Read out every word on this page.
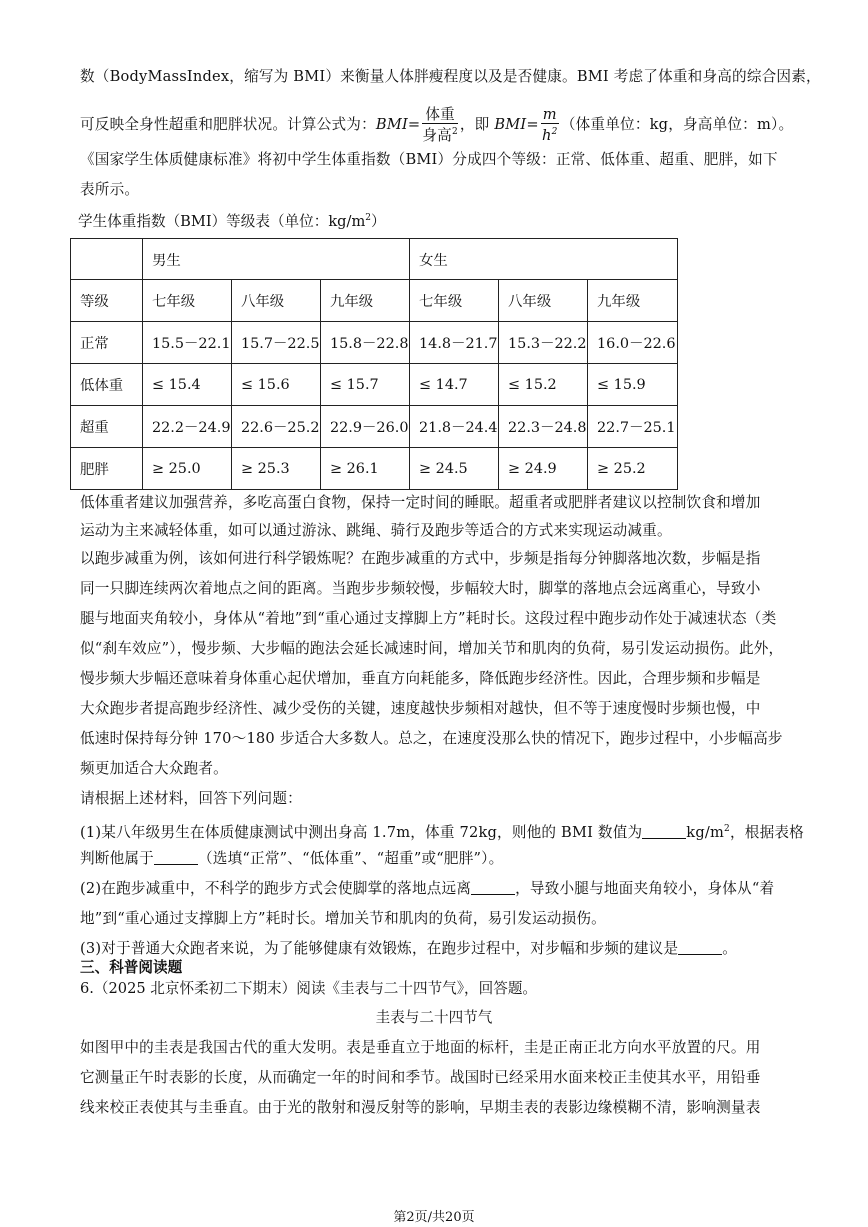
数（BodyMassIndex，缩写为 BMI）来衡量人体胖瘦程度以及是否健康。BMI 考虑了体重和身高的综合因素，
可反映全身性超重和肥胖状况。计算公式为：$BMI= \frac{\text{体重}}{身高^2}$ ，即 $BMI= \frac{m}{h^2}$ （体重单位：kg，身高单位：m）。
《国家学生体质健康标准》将初中学生体重指数（BMI）分成四个等级：正常、低体重、超重、肥胖，如下
表所示。
学生体重指数（BMI）等级表（单位：$kg/m^2$）
	男生			女生		
等级	七年级	八年级	九年级	七年级	八年级	九年级
正常	15.5－22.1	15.7－22.5	15.8－22.8	14.8－21.7	15.3－22.2	16.0－22.6
低体重	≤ 15.4	≤ 15.6	≤ 15.7	≤ 14.7	≤ 15.2	≤ 15.9
超重	22.2－24.9	22.6－25.2	22.9－26.0	21.8－24.4	22.3－24.8	22.7－25.1
肥胖	≥ 25.0	≥ 25.3	≥ 26.1	≥ 24.5	≥ 24.9	≥ 25.2
低体重者建议加强营养，多吃高蛋白食物，保持一定时间的睡眠。超重者或肥胖者建议以控制饮食和增加
运动为主来减轻体重，如可以通过游泳、跳绳、骑行及跑步等适合的方式来实现运动减重。
以跑步减重为例，该如何进行科学锻炼呢？在跑步减重的方式中，步频是指每分钟脚落地次数，步幅是指
同一只脚连续两次着地点之间的距离。当跑步步频较慢，步幅较大时，脚掌的落地点会远离重心，导致小
腿与地面夹角较小，身体从“着地”到“重心通过支撑脚上方”耗时长。这段过程中跑步动作处于减速状态（类
似“刹车效应”），慢步频、大步幅的跑法会延长减速时间，增加关节和肌肉的负荷，易引发运动损伤。此外，
慢步频大步幅还意味着身体重心起伏增加，垂直方向耗能多，降低跑步经济性。因此，合理步频和步幅是
大众跑步者提高跑步经济性、减少受伤的关键，速度越快步频相对越快，但不等于速度慢时步频也慢，中
低速时保持每分钟 170～180 步适合大多数人。总之，在速度没那么快的情况下，跑步过程中，小步幅高步
频更加适合大众跑者。
请根据上述材料，回答下列问题：
(1)某八年级男生在体质健康测试中测出身高 1.7m，体重 72kg，则他的 BMI 数值为	$kg/m^2$，根据表格
判断他属于	（选填“正常”、“低体重”、“超重”或“肥胖”）。
(2)在跑步减重中，不科学的跑步方式会使脚掌的落地点远离	，导致小腿与地面夹角较小，身体从“着
地”到“重心通过支撑脚上方”耗时长。增加关节和肌肉的负荷，易引发运动损伤。
(3)对于普通大众跑者来说，为了能够健康有效锻炼，在跑步过程中，对步幅和步频的建议是	。
三、科普阅读题
6.（2025 北京怀柔初二下期末）阅读《圭表与二十四节气》，回答题。
圭表与二十四节气
如图甲中的圭表是我国古代的重大发明。表是垂直立于地面的标杆，圭是正南正北方向水平放置的尺。用
它测量正午时表影的长度，从而确定一年的时间和季节。战国时已经采用水面来校正圭使其水平，用铅垂
线来校正表使其与圭垂直。由于光的散射和漫反射等的影响，早期圭表的表影边缘模糊不清，影响测量表
第2页/共20页
